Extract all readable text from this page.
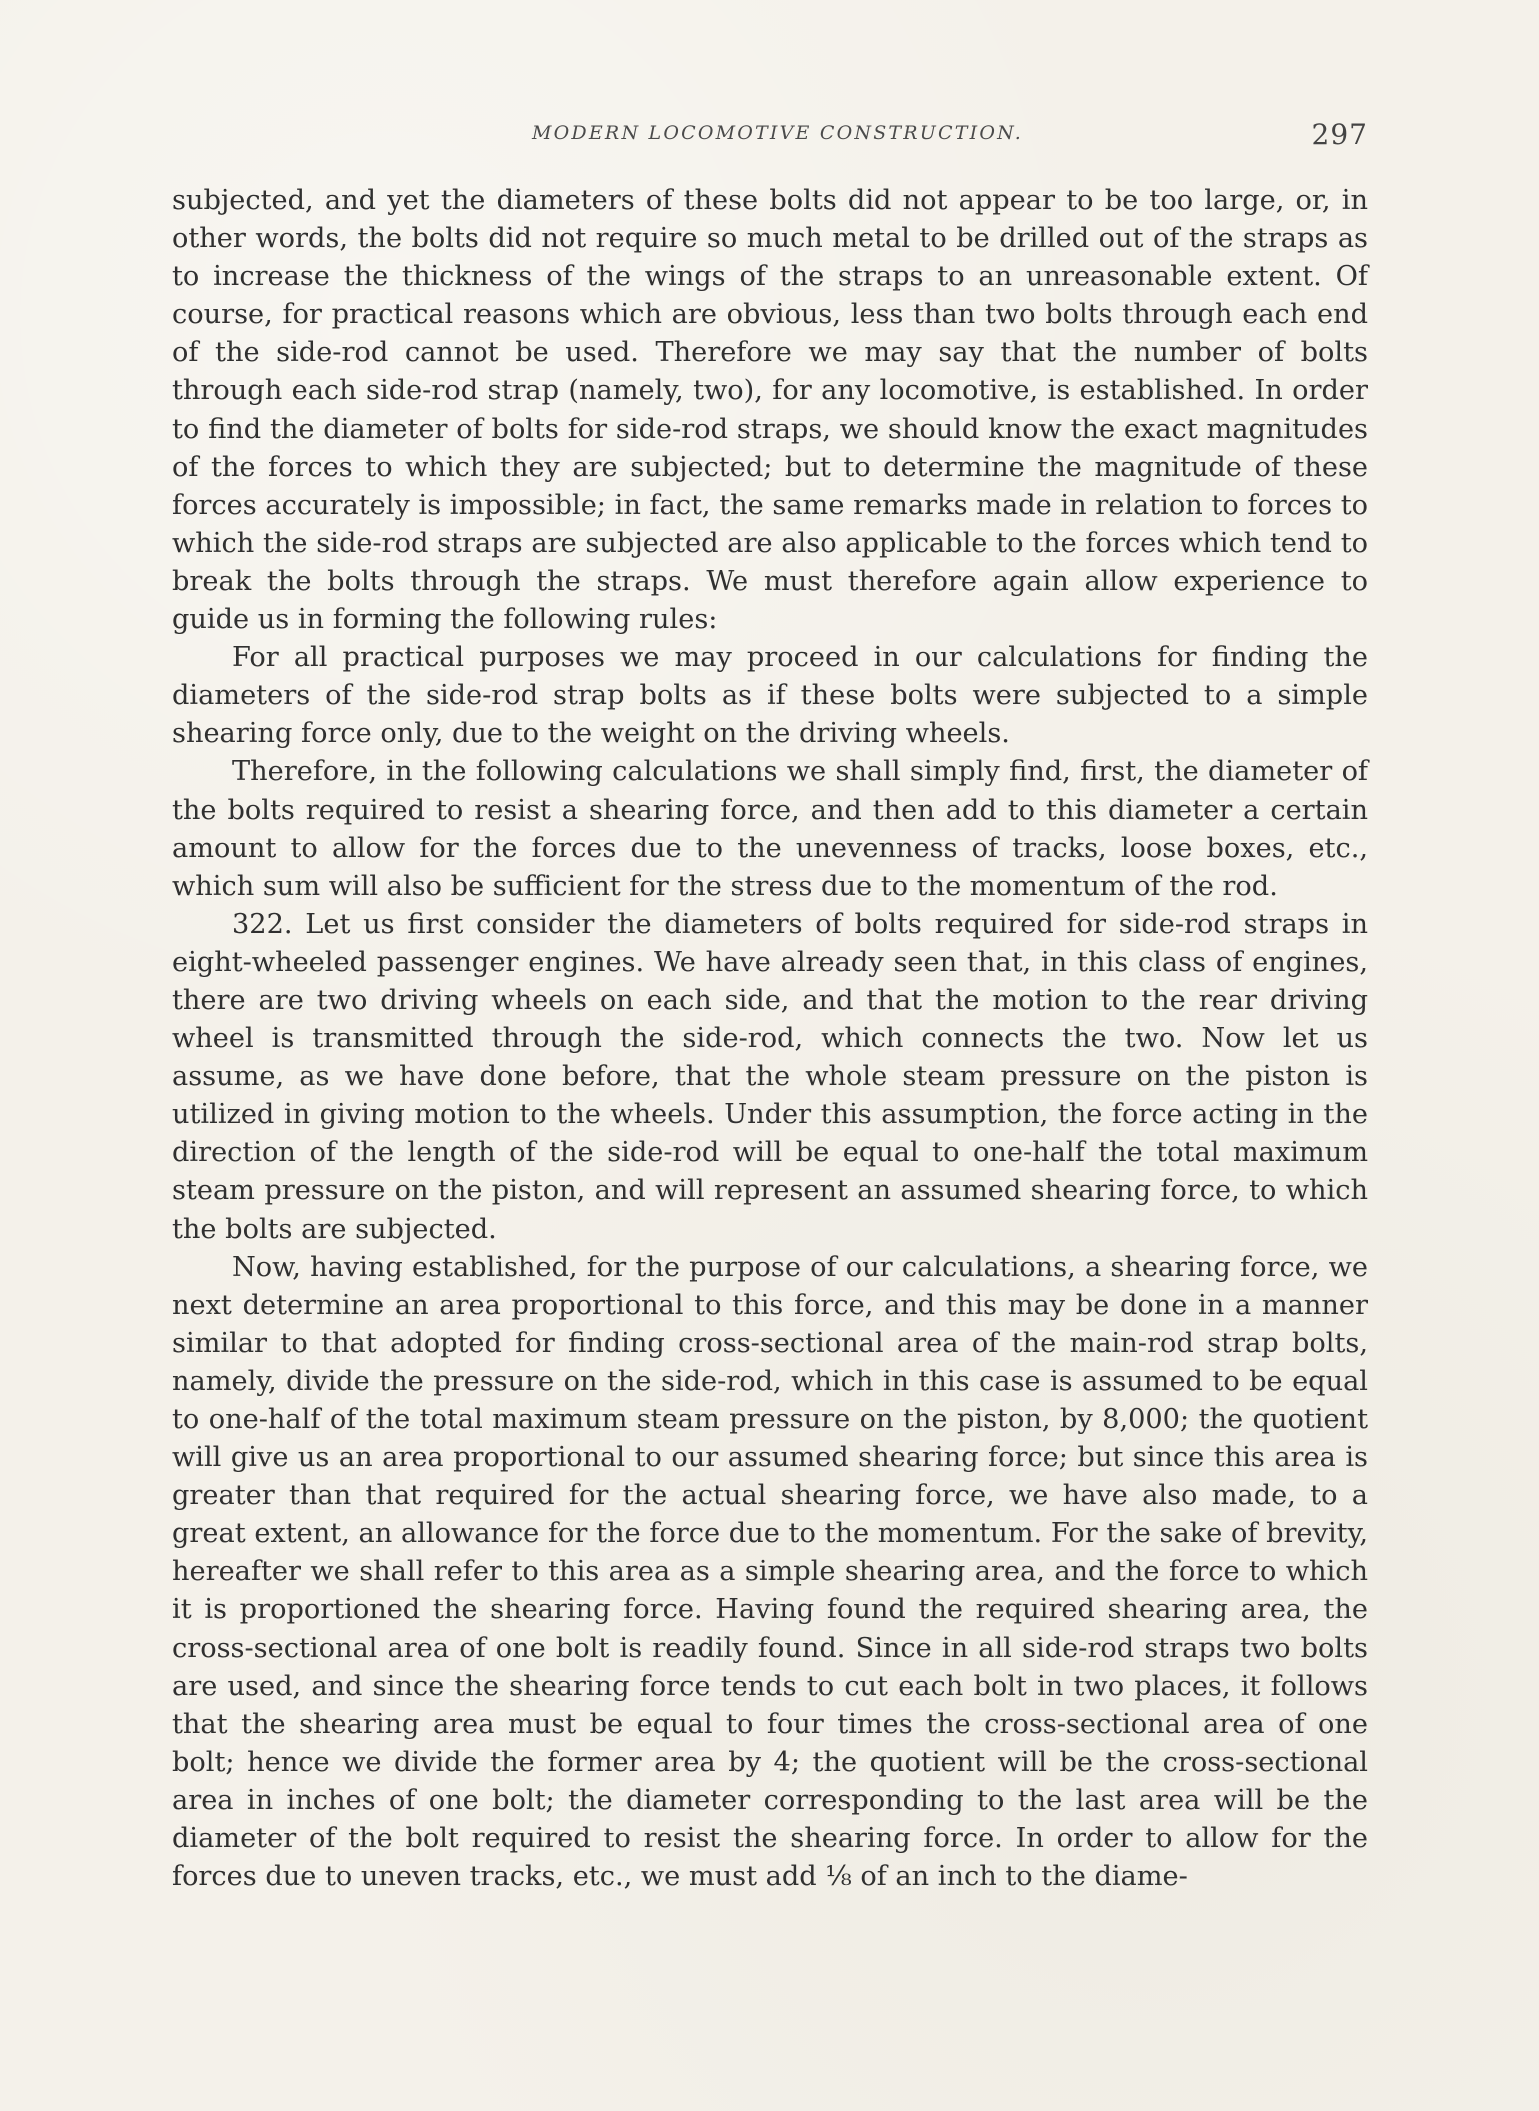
MODERN LOCOMOTIVE CONSTRUCTION.	297

subjected, and yet the diameters of these bolts did not appear to be too large, or, in other words, the bolts did not require so much metal to be drilled out of the straps as to increase the thickness of the wings of the straps to an unreasonable extent. Of course, for practical reasons which are obvious, less than two bolts through each end of the side-rod cannot be used. Therefore we may say that the number of bolts through each side-rod strap (namely, two), for any locomotive, is established. In order to find the diameter of bolts for side-rod straps, we should know the exact magnitudes of the forces to which they are subjected; but to determine the magnitude of these forces accurately is impossible; in fact, the same remarks made in relation to forces to which the side-rod straps are subjected are also applicable to the forces which tend to break the bolts through the straps. We must therefore again allow experience to guide us in forming the following rules:

For all practical purposes we may proceed in our calculations for finding the diameters of the side-rod strap bolts as if these bolts were subjected to a simple shearing force only, due to the weight on the driving wheels.

Therefore, in the following calculations we shall simply find, first, the diameter of the bolts required to resist a shearing force, and then add to this diameter a certain amount to allow for the forces due to the unevenness of tracks, loose boxes, etc., which sum will also be sufficient for the stress due to the momentum of the rod.

322. Let us first consider the diameters of bolts required for side-rod straps in eight-wheeled passenger engines. We have already seen that, in this class of engines, there are two driving wheels on each side, and that the motion to the rear driving wheel is transmitted through the side-rod, which connects the two. Now let us assume, as we have done before, that the whole steam pressure on the piston is utilized in giving motion to the wheels. Under this assumption, the force acting in the direction of the length of the side-rod will be equal to one-half the total maximum steam pressure on the piston, and will represent an assumed shearing force, to which the bolts are subjected.

Now, having established, for the purpose of our calculations, a shearing force, we next determine an area proportional to this force, and this may be done in a manner similar to that adopted for finding cross-sectional area of the main-rod strap bolts, namely, divide the pressure on the side-rod, which in this case is assumed to be equal to one-half of the total maximum steam pressure on the piston, by 8,000; the quotient will give us an area proportional to our assumed shearing force; but since this area is greater than that required for the actual shearing force, we have also made, to a great extent, an allowance for the force due to the momentum. For the sake of brevity, hereafter we shall refer to this area as a simple shearing area, and the force to which it is proportioned the shearing force. Having found the required shearing area, the cross-sectional area of one bolt is readily found. Since in all side-rod straps two bolts are used, and since the shearing force tends to cut each bolt in two places, it follows that the shearing area must be equal to four times the cross-sectional area of one bolt; hence we divide the former area by 4; the quotient will be the cross-sectional area in inches of one bolt; the diameter corresponding to the last area will be the diameter of the bolt required to resist the shearing force. In order to allow for the forces due to uneven tracks, etc., we must add ⅛ of an inch to the diame-
